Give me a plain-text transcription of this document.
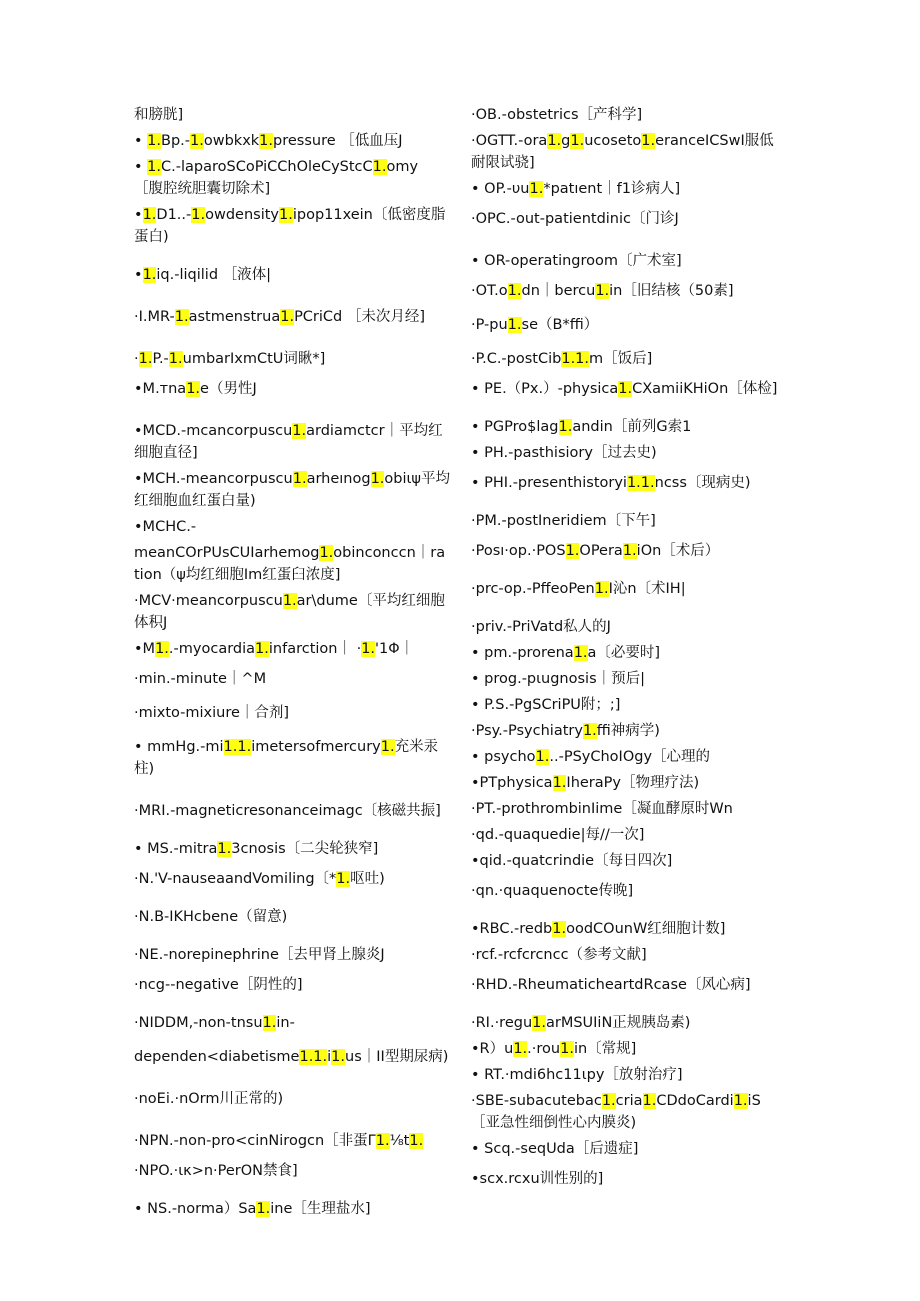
和膀胱]

• 1.Bp.-1.owbkxk1.pressure ［低血压J

• 1.C.-laparoSCoPiCChOleCyStcC1.omy ［腹腔统胆囊切除术]

•1.D1..-1.owdensity1.ipop11xein〔低密度脂蛋白)

•1.iq.-liqilid ［液体|

·I.MR-1.astmenstrua1.PCriCd ［未次月经]

·1.P.-1.umbarIxmCtU词瞅*]

•M.тna1.e（男性J

•MCD.-mcancorpuscu1.ardiamctcr｜平均红细胞直径]

•MCH.-meancorpuscu1.arheınog1.obiιψ平均红细胞血红蛋白量)

•MCHC.-

meanCOrPUsCUIarhemog1.obinconccn｜ration（ψ均红细胞Im红蛋臼浓度]

·MCV·meancorpuscu1.ar\dume〔平均红细胞体积J

•M1..-myocardia1.infarction｜ ·1.'1Φ｜

·min.-minute｜^M

·mixto-mixiure｜合剂]

• mmHg.-mi1.1.imetersofmercury1.充米汞柱)

·MRI.-magneticresonanceimagc〔核磁共振]

• MS.-mitra1.3cnosis〔二尖轮狭窄]

·N.'V-nauseaandVomiling〔*1.呕吐)

·N.B-IKHcbene（留意)

·NE.-norepinephrine［去甲肾上腺炎J

·ncg--negative［阴性的]

·NIDDM,-non-tnsu1.in-

dependen<diabetisme1.1.i1.us｜II型期尿病)

·noEi.·nOrm川正常的)

·NPN.-non-pro<cinNirogcn［非蛋Γ1.⅛t1.

·NPO.·ικ>n·PerON禁食]

• NS.-norma）Sa1.ine［生理盐水]

·OB.-obstetrics［产科学]

·OGTT.-ora1.g1.ucoseto1.eranceICSwI服低耐限试骁]

• OP.-υu1.*patıent｜f1诊病人]

·OPC.-out-patientdinic〔门诊J

• OR-operatingroom〔广术室]

·OT.o1.dn｜bercu1.in［旧结核（50素]

·P-pu1.se（B*ffi）

·P.C.-postCib1.1.m［饭后]

• PE.（Px.）-physica1.CXamiiKHiOn［体检]

• PGPro$lag1.andin［前列G索1

• PH.-pasthisiory［过去史)

• PHI.-presenthistoryi1.1.ncss〔现病史)

·PM.-postIneridiem〔下午]

·Posı·op.·POS1.OPera1.iOn［术后）

·prc-op.-PffeoPen1.I沁n〔术IH|

·priv.-PriVatd私人的J

• pm.-prorena1.a〔必要时]

• prog.-pιugnosis｜预后|

• P.S.-PgSCriPU附；;]

·Psy.-Psychiatry1.ffi神病学)

• psycho1...-PSyChoIOgy［心理的

•PTphysica1.IheraPy［物理疗法)

·PT.-prothrombinIime［凝血酵原时Wn

·qd.-quaquedie|每//一次]

•qid.-quatcrindie〔每日四次]

·qn.·quaquenocte传晚]

•RBC.-redb1.oodCOunW红细胞计数]

·rcf.-rcfcrcncc（参考文献]

·RHD.-RheumaticheartdRcase〔风心病]

·RI.·regu1.arMSUIiN正规胰岛素)

•R）u1..·rou1.in〔常规]

• RT.·mdi6hc11ιpy［放射治疗]

·SBE-subacutebac1.cria1.CDdoCardi1.iS［亚急性细倒性心内膜炎)

• Scq.-seqUda［后遗症]

•scx.rcxu训性别的]
